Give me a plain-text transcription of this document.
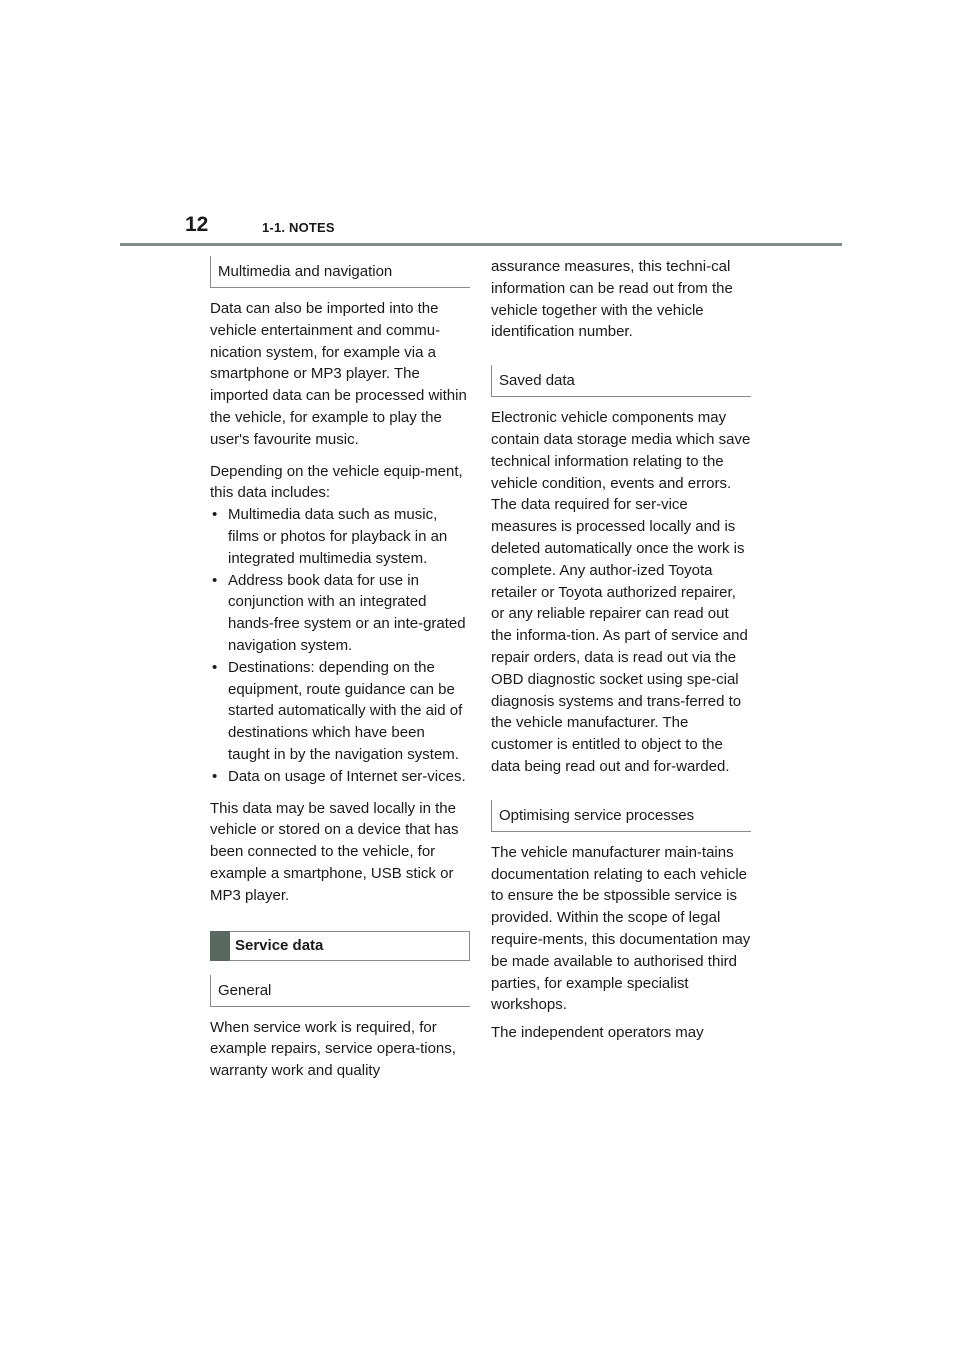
12	1-1. NOTES
Multimedia and navigation

Data can also be imported into the vehicle entertainment and commu-nication system, for example via a smartphone or MP3 player. The imported data can be processed within the vehicle, for example to play the user's favourite music.

Depending on the vehicle equip-ment, this data includes:

• Multimedia data such as music, films or photos for playback in an integrated multimedia system.
• Address book data for use in conjunction with an integrated hands-free system or an inte-grated navigation system.
• Destinations: depending on the equipment, route guidance can be started automatically with the aid of destinations which have been taught in by the navigation system.
• Data on usage of Internet ser-vices.

This data may be saved locally in the vehicle or stored on a device that has been connected to the vehicle, for example a smartphone, USB stick or MP3 player.

Service data
General

When service work is required, for example repairs, service opera-tions, warranty work and quality

assurance measures, this techni-cal information can be read out from the vehicle together with the vehicle identification number.

Saved data

Electronic vehicle components may contain data storage media which save technical information relating to the vehicle condition, events and errors. The data required for ser-vice measures is processed locally and is deleted automatically once the work is complete. Any author-ized Toyota retailer or Toyota authorized repairer, or any reliable repairer can read out the informa-tion. As part of service and repair orders, data is read out via the OBD diagnostic socket using spe-cial diagnosis systems and trans-ferred to the vehicle manufacturer. The customer is entitled to object to the data being read out and for-warded.

Optimising service processes

The vehicle manufacturer main-tains documentation relating to each vehicle to ensure the be stpossible service is provided. Within the scope of legal require-ments, this documentation may be made available to authorised third parties, for example specialist workshops.

The independent operators may
